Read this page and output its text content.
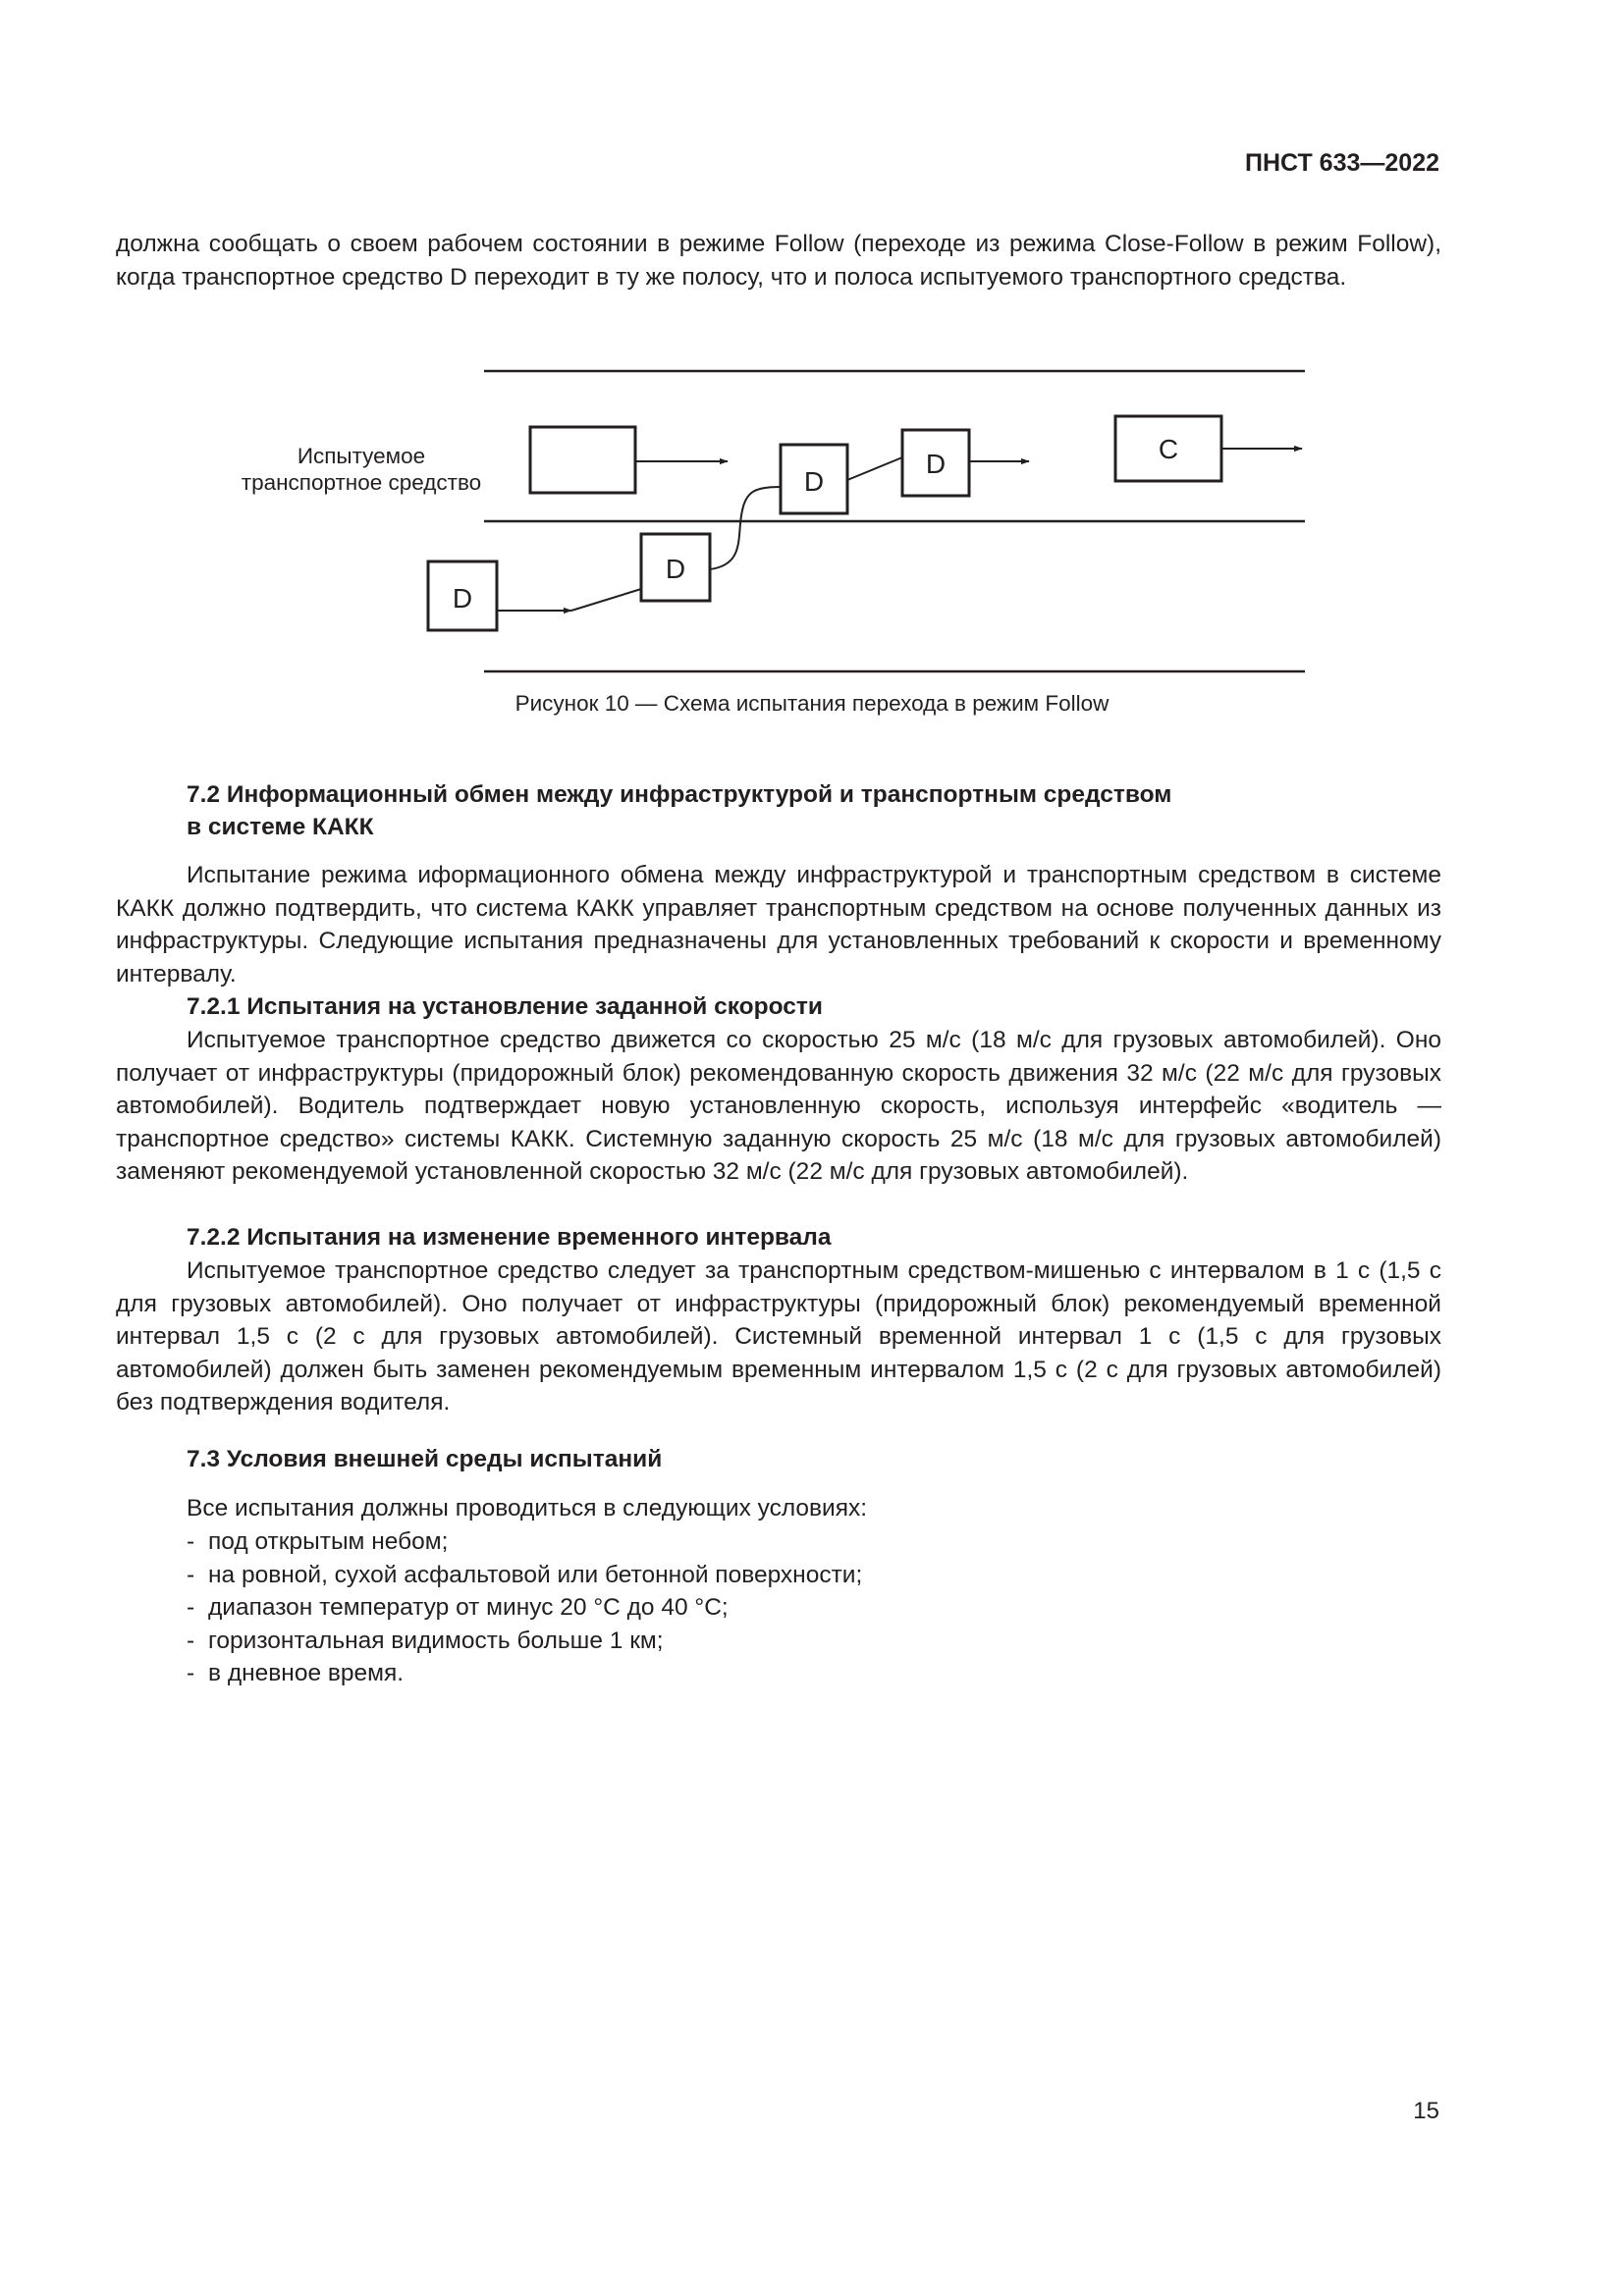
ПНСТ 633—2022
должна сообщать о своем рабочем состоянии в режиме Follow (переходе из режима Close-Follow в режим Follow), когда транспортное средство D переходит в ту же полосу, что и полоса испытуемого транспортного средства.
Испытуемое
транспортное средство
D
D
D
D	C
Рисунок 10 — Схема испытания перехода в режим Follow
7.2 Информационный обмен между инфраструктурой и транспортным средством
в системе КАКК
Испытание режима иформационного обмена между инфраструктурой и транспортным средством в системе КАКК должно подтвердить, что система КАКК управляет транспортным средством на основе полученных данных из инфраструктуры. Следующие испытания предназначены для установленных требований к скорости и временному интервалу.
7.2.1 Испытания на установление заданной скорости
Испытуемое транспортное средство движется со скоростью 25 м/с (18 м/с для грузовых автомобилей). Оно получает от инфраструктуры (придорожный блок) рекомендованную скорость движения 32 м/с (22 м/с для грузовых автомобилей). Водитель подтверждает новую установленную скорость, используя интерфейс «водитель — транспортное средство» системы КАКК. Системную заданную скорость 25 м/с (18 м/с для грузовых автомобилей) заменяют рекомендуемой установленной скоростью 32 м/с (22 м/с для грузовых автомобилей).
7.2.2 Испытания на изменение временного интервала
Испытуемое транспортное средство следует за транспортным средством-мишенью с интервалом в 1 с (1,5 с для грузовых автомобилей). Оно получает от инфраструктуры (придорожный блок) рекомендуемый временной интервал 1,5 с (2 с для грузовых автомобилей). Системный временной интервал 1 с (1,5 с для грузовых автомобилей) должен быть заменен рекомендуемым временным интервалом 1,5 с (2 с для грузовых автомобилей) без подтверждения водителя.
7.3 Условия внешней среды испытаний
Все испытания должны проводиться в следующих условиях:
- под открытым небом;
- на ровной, сухой асфальтовой или бетонной поверхности;
- диапазон температур от минус 20 °С до 40 °С;
- горизонтальная видимость больше 1 км;
- в дневное время.
15
